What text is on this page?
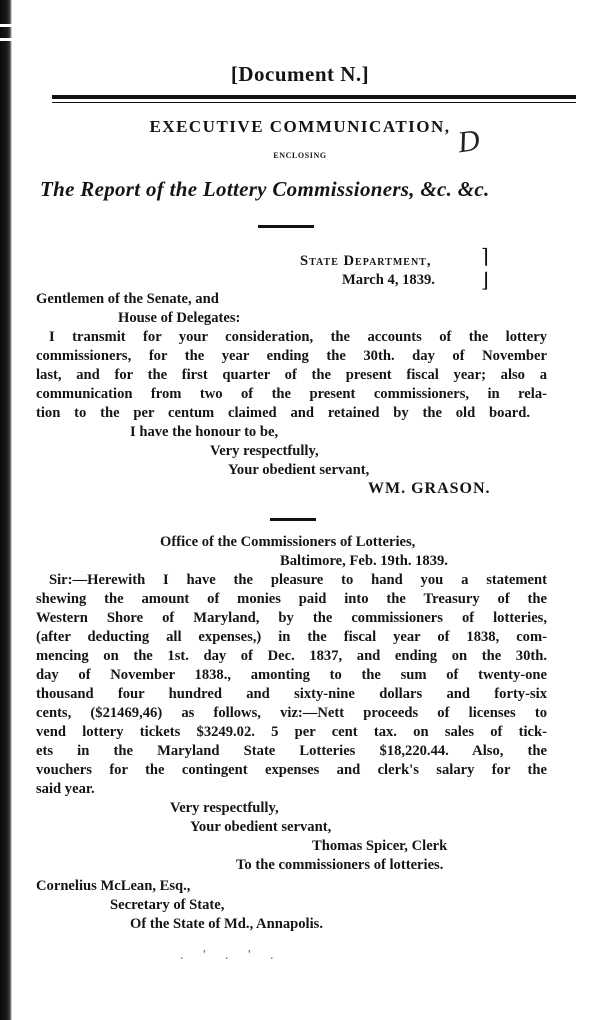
[Document N.]
EXECUTIVE COMMUNICATION,
ENCLOSING
The Report of the Lottery Commissioners, &c. &c.
D
State Department, ⌉
March 4, 1839. ⌋
Gentlemen of the Senate, and
House of Delegates:
I transmit for your consideration, the accounts of the lottery
commissioners, for the year ending the 30th. day of November
last, and for the first quarter of the present fiscal year; also a
communication from two of the present commissioners, in rela-
tion to the per centum claimed and retained by the old board.
I have the honour to be,
Very respectfully,
Your obedient servant,
WM. GRASON.
Office of the Commissioners of Lotteries,
Baltimore, Feb. 19th. 1839.
Sir:—Herewith I have the pleasure to hand you a statement
shewing the amount of monies paid into the Treasury of the
Western Shore of Maryland, by the commissioners of lotteries,
(after deducting all expenses,) in the fiscal year of 1838, com-
mencing on the 1st. day of Dec. 1837, and ending on the 30th.
day of November 1838., amonting to the sum of twenty-one
thousand four hundred and sixty-nine dollars and forty-six
cents, ($21469,46) as follows, viz:—Nett proceeds of licenses to
vend lottery tickets $3249.02. 5 per cent tax. on sales of tick-
ets in the Maryland State Lotteries $18,220.44. Also, the
vouchers for the contingent expenses and clerk's salary for the
said year.
Very respectfully,
Your obedient servant,
Thomas Spicer, Clerk
To the commissioners of lotteries.
Cornelius McLean, Esq.,
Secretary of State,
Of the State of Md., Annapolis.
. ' . ' .
